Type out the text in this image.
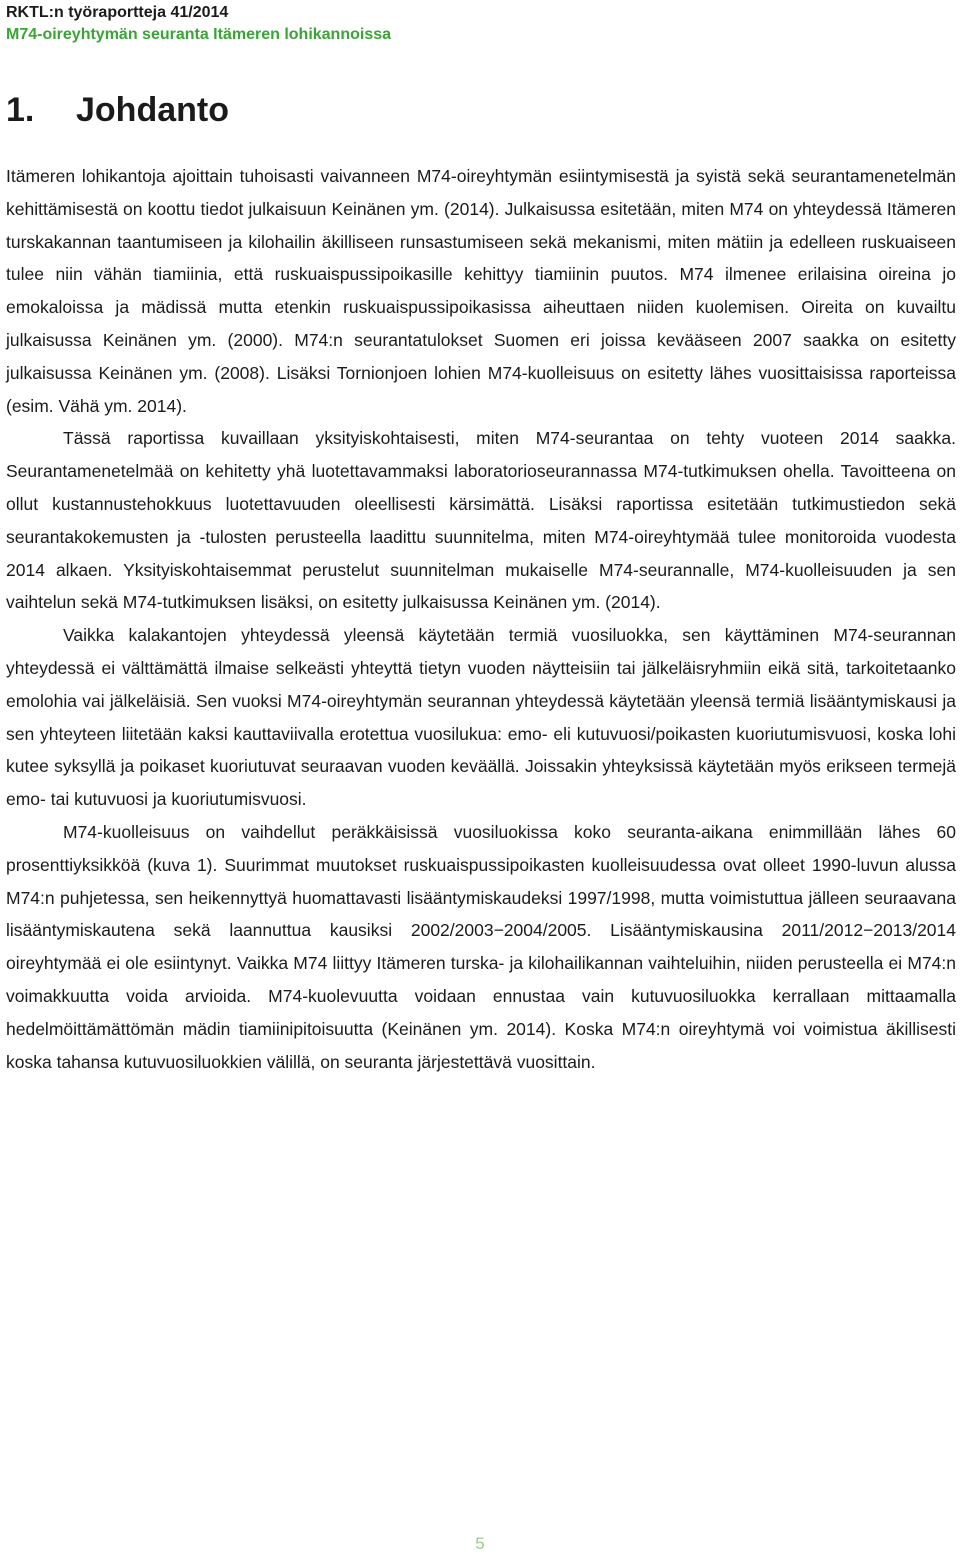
RKTL:n työraportteja 41/2014
M74-oireyhtymän seuranta Itämeren lohikannoissa
1. Johdanto

Itämeren lohikantoja ajoittain tuhoisasti vaivanneen M74-oireyhtymän esiintymisestä ja syistä sekä seurantamenetelmän kehittämisestä on koottu tiedot julkaisuun Keinänen ym. (2014). Julkaisussa esitetään, miten M74 on yhteydessä Itämeren turskakannan taantumiseen ja kilohailin äkilliseen runsastumiseen sekä mekanismi, miten mätiin ja edelleen ruskuaiseen tulee niin vähän tiamiinia, että ruskuaispussipoikasille kehittyy tiamiinin puutos. M74 ilmenee erilaisina oireina jo emokaloissa ja mädissä mutta etenkin ruskuaispussipoikasissa aiheuttaen niiden kuolemisen. Oireita on kuvailtu julkaisussa Keinänen ym. (2000). M74:n seurantatulokset Suomen eri joissa kevääseen 2007 saakka on esitetty julkaisussa Keinänen ym. (2008). Lisäksi Tornionjoen lohien M74-kuolleisuus on esitetty lähes vuosittaisissa raporteissa (esim. Vähä ym. 2014).

Tässä raportissa kuvaillaan yksityiskohtaisesti, miten M74-seurantaa on tehty vuoteen 2014 saakka. Seurantamenetelmää on kehitetty yhä luotettavammaksi laboratorioseurannassa M74-tutkimuksen ohella. Tavoitteena on ollut kustannustehokkuus luotettavuuden oleellisesti kärsimättä. Lisäksi raportissa esitetään tutkimustiedon sekä seurantakokemusten ja -tulosten perusteella laadittu suunnitelma, miten M74-oireyhtymää tulee monitoroida vuodesta 2014 alkaen. Yksityiskohtaisemmat perustelut suunnitelman mukaiselle M74-seurannalle, M74-kuolleisuuden ja sen vaihtelun sekä M74-tutkimuksen lisäksi, on esitetty julkaisussa Keinänen ym. (2014).

Vaikka kalakantojen yhteydessä yleensä käytetään termiä vuosiluokka, sen käyttäminen M74-seurannan yhteydessä ei välttämättä ilmaise selkeästi yhteyttä tietyn vuoden näytteisiin tai jälkeläisryhmiin eikä sitä, tarkoitetaanko emolohia vai jälkeläisiä. Sen vuoksi M74-oireyhtymän seurannan yhteydessä käytetään yleensä termiä lisääntymiskausi ja sen yhteyteen liitetään kaksi kauttaviivalla erotettua vuosilukua: emo- eli kutuvuosi/poikasten kuoriutumisvuosi, koska lohi kutee syksyllä ja poikaset kuoriutuvat seuraavan vuoden keväällä. Joissakin yhteyksissä käytetään myös erikseen termejä emo- tai kutuvuosi ja kuoriutumisvuosi.

M74-kuolleisuus on vaihdellut peräkkäisissä vuosiluokissa koko seuranta-aikana enimmillään lähes 60 prosenttiyksikköä (kuva 1). Suurimmat muutokset ruskuaispussipoikasten kuolleisuudessa ovat olleet 1990-luvun alussa M74:n puhjetessa, sen heikennyttyä huomattavasti lisääntymiskaudeksi 1997/1998, mutta voimistuttua jälleen seuraavana lisääntymiskautena sekä laannuttua kausiksi 2002/2003−2004/2005. Lisääntymiskausina 2011/2012−2013/2014 oireyhtymää ei ole esiintynyt. Vaikka M74 liittyy Itämeren turska- ja kilohailikannan vaihteluihin, niiden perusteella ei M74:n voimakkuutta voida arvioida. M74-kuolevuutta voidaan ennustaa vain kutuvuosiluokka kerrallaan mittaamalla hedelmöittämättömän mädin tiamiinipitoisuutta (Keinänen ym. 2014). Koska M74:n oireyhtymä voi voimistua äkillisesti koska tahansa kutuvuosiluokkien välillä, on seuranta järjestettävä vuosittain.

5
